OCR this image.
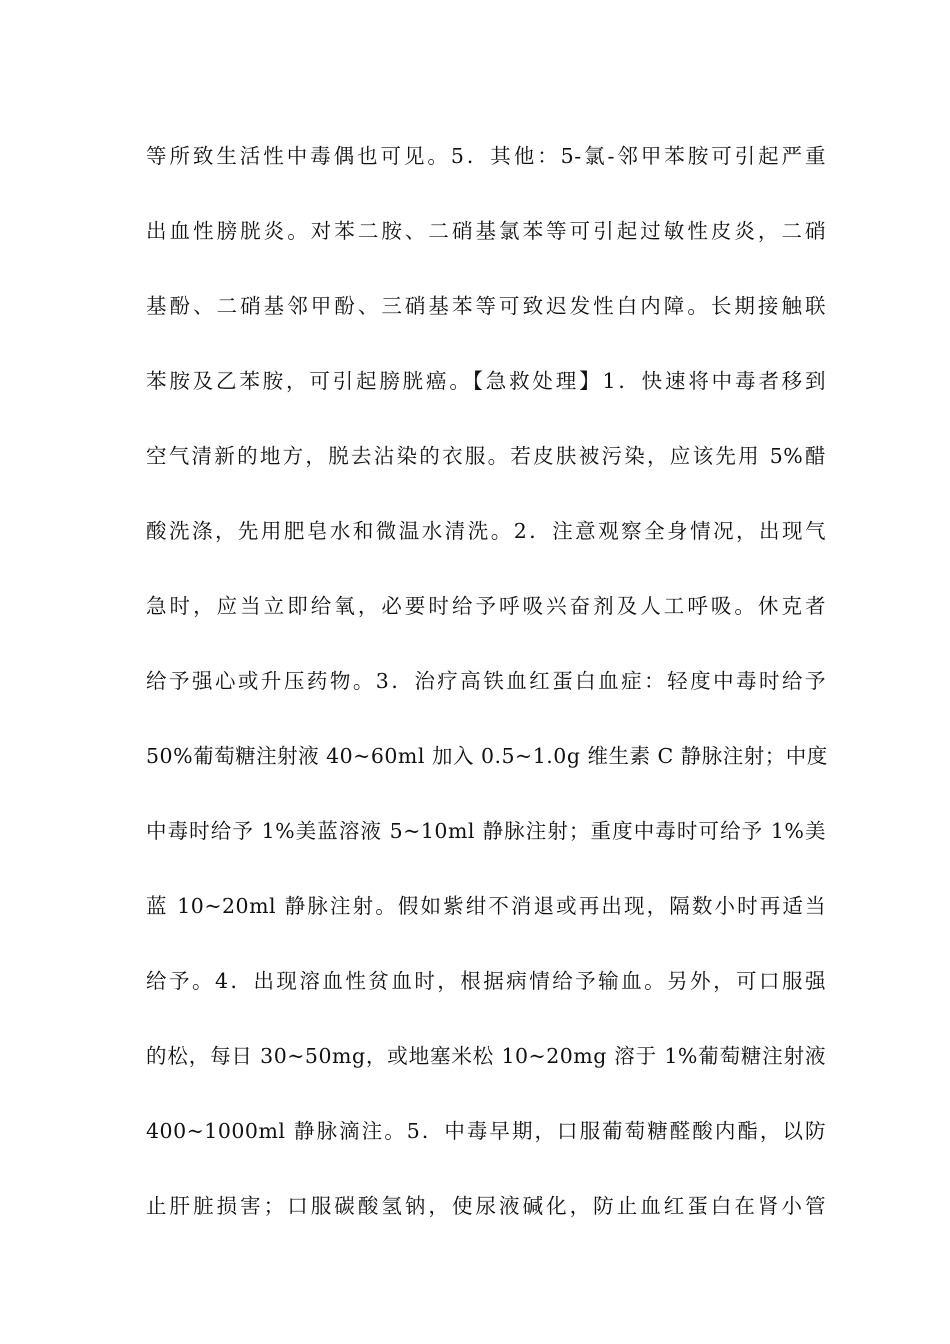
等所致生活性中毒偶也可见。5．其他：5-氯-邻甲苯胺可引起严重
出血性膀胱炎。对苯二胺、二硝基氯苯等可引起过敏性皮炎，二硝
基酚、二硝基邻甲酚、三硝基苯等可致迟发性白内障。长期接触联
苯胺及乙苯胺，可引起膀胱癌。【急救处理】1．快速将中毒者移到
空气清新的地方，脱去沾染的衣服。若皮肤被污染，应该先用 5%醋
酸洗涤，先用肥皂水和微温水清洗。2．注意观察全身情况，出现气
急时，应当立即给氧，必要时给予呼吸兴奋剂及人工呼吸。休克者
给予强心或升压药物。3．治疗高铁血红蛋白血症：轻度中毒时给予
50%葡萄糖注射液 40~60ml 加入 0.5~1.0g 维生素 C 静脉注射；中度
中毒时给予 1%美蓝溶液 5~10ml 静脉注射；重度中毒时可给予 1%美
蓝 10~20ml 静脉注射。假如紫绀不消退或再出现，隔数小时再适当
给予。4．出现溶血性贫血时，根据病情给予输血。另外，可口服强
的松，每日 30~50mg，或地塞米松 10~20mg 溶于 1%葡萄糖注射液
400~1000ml 静脉滴注。5．中毒早期，口服葡萄糖醛酸内酯，以防
止肝脏损害；口服碳酸氢钠，使尿液碱化，防止血红蛋白在肾小管
